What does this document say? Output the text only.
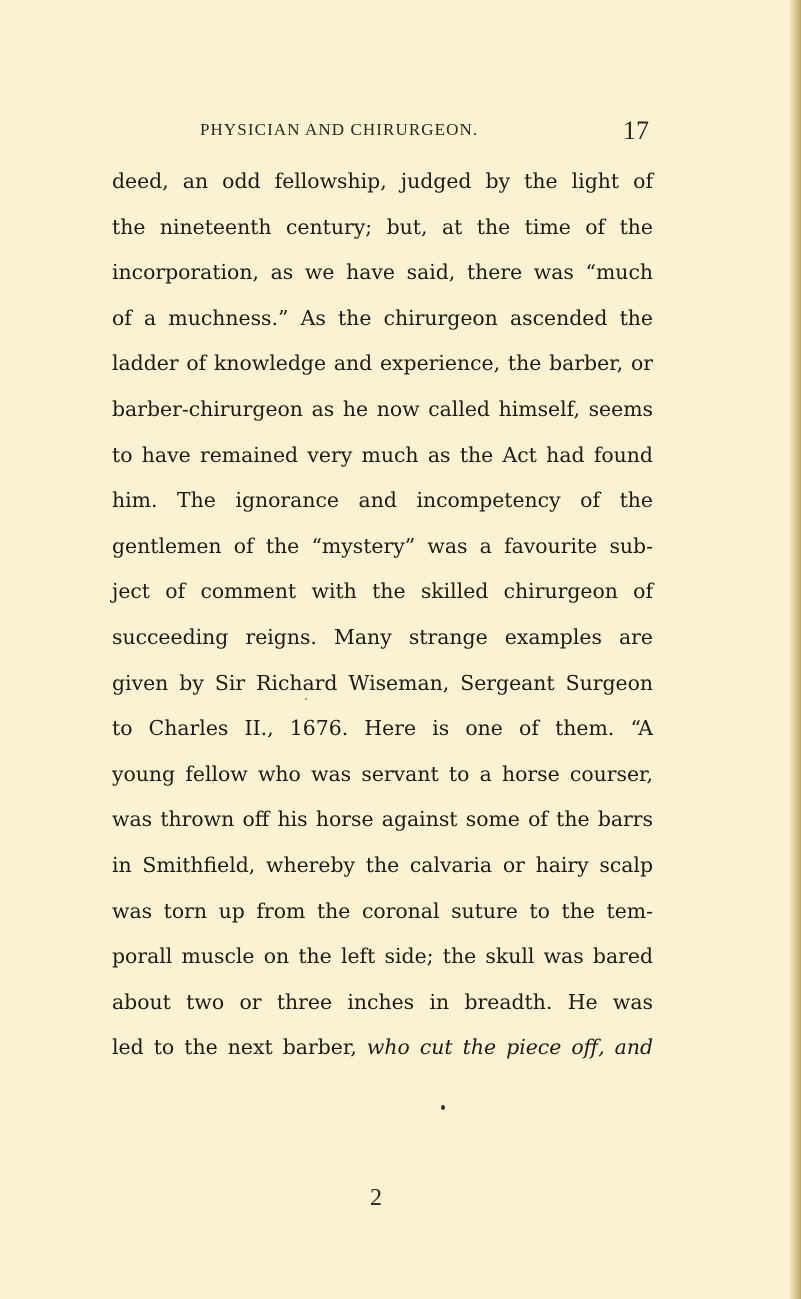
PHYSICIAN AND CHIRURGEON.	17
deed, an odd fellowship, judged by the light of
the nineteenth century; but, at the time of the
incorporation, as we have said, there was “much
of a muchness.” As the chirurgeon ascended the
ladder of knowledge and experience, the barber, or
barber-chirurgeon as he now called himself, seems
to have remained very much as the Act had found
him. The ignorance and incompetency of the
gentlemen of the “mystery” was a favourite sub-
ject of comment with the skilled chirurgeon of
succeeding reigns. Many strange examples are
given by Sir Richard Wiseman, Sergeant Surgeon
to Charles II., 1676. Here is one of them. “A
young fellow who was servant to a horse courser,
was thrown off his horse against some of the barrs
in Smithfield, whereby the calvaria or hairy scalp
was torn up from the coronal suture to the tem-
porall muscle on the left side; the skull was bared
about two or three inches in breadth. He was
led to the next barber, who cut the piece off, and
2
